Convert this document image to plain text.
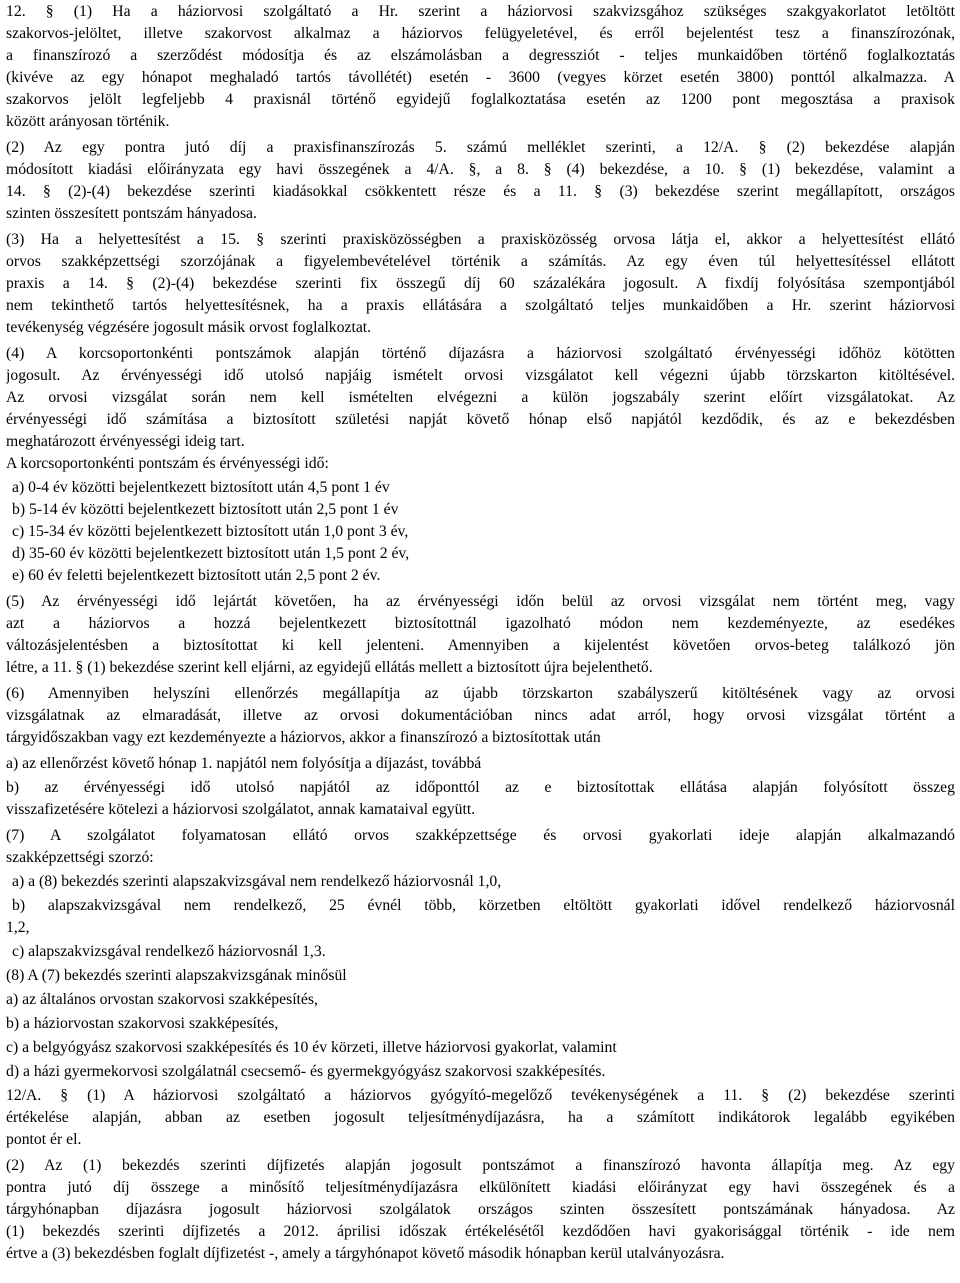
12. § (1) Ha a háziorvosi szolgáltató a Hr. szerint a háziorvosi szakvizsgához szükséges szakgyakorlatot letöltött
szakorvos-jelöltet, illetve szakorvost alkalmaz a háziorvos felügyeletével, és erről bejelentést tesz a finanszírozónak,
a finanszírozó a szerződést módosítja és az elszámolásban a degressziót - teljes munkaidőben történő foglalkoztatás
(kivéve az egy hónapot meghaladó tartós távollétét) esetén - 3600 (vegyes körzet esetén 3800) ponttól alkalmazza. A
szakorvos jelölt legfeljebb 4 praxisnál történő egyidejű foglalkoztatása esetén az 1200 pont megosztása a praxisok
között arányosan történik.
(2) Az egy pontra jutó díj a praxisfinanszírozás 5. számú melléklet szerinti, a 12/A. § (2) bekezdése alapján
módosított kiadási előirányzata egy havi összegének a 4/A. §, a 8. § (4) bekezdése, a 10. § (1) bekezdése, valamint a
14. § (2)-(4) bekezdése szerinti kiadásokkal csökkentett része és a 11. § (3) bekezdése szerint megállapított, országos
szinten összesített pontszám hányadosa.
(3) Ha a helyettesítést a 15. § szerinti praxisközösségben a praxisközösség orvosa látja el, akkor a helyettesítést ellátó
orvos szakképzettségi szorzójának a figyelembevételével történik a számítás. Az egy éven túl helyettesítéssel ellátott
praxis a 14. § (2)-(4) bekezdése szerinti fix összegű díj 60 százalékára jogosult. A fixdíj folyósítása szempontjából
nem tekinthető tartós helyettesítésnek, ha a praxis ellátására a szolgáltató teljes munkaidőben a Hr. szerint háziorvosi
tevékenység végzésére jogosult másik orvost foglalkoztat.
(4) A korcsoportonkénti pontszámok alapján történő díjazásra a háziorvosi szolgáltató érvényességi időhöz kötötten
jogosult. Az érvényességi idő utolsó napjáig ismételt orvosi vizsgálatot kell végezni újabb törzskarton kitöltésével.
Az orvosi vizsgálat során nem kell ismételten elvégezni a külön jogszabály szerint előírt vizsgálatokat. Az
érvényességi idő számítása a biztosított születési napját követő hónap első napjától kezdődik, és az e bekezdésben
meghatározott érvényességi ideig tart.
A korcsoportonkénti pontszám és érvényességi idő:
a) 0-4 év közötti bejelentkezett biztosított után 4,5 pont 1 év
b) 5-14 év közötti bejelentkezett biztosított után 2,5 pont 1 év
c) 15-34 év közötti bejelentkezett biztosított után 1,0 pont 3 év,
d) 35-60 év közötti bejelentkezett biztosított után 1,5 pont 2 év,
e) 60 év feletti bejelentkezett biztosított után 2,5 pont 2 év.
(5) Az érvényességi idő lejártát követően, ha az érvényességi időn belül az orvosi vizsgálat nem történt meg, vagy
azt a háziorvos a hozzá bejelentkezett biztosítottnál igazolható módon nem kezdeményezte, az esedékes
változásjelentésben a biztosítottat ki kell jelenteni. Amennyiben a kijelentést követően orvos-beteg találkozó jön
létre, a 11. § (1) bekezdése szerint kell eljárni, az egyidejű ellátás mellett a biztosított újra bejelenthető.
(6) Amennyiben helyszíni ellenőrzés megállapítja az újabb törzskarton szabályszerű kitöltésének vagy az orvosi
vizsgálatnak az elmaradását, illetve az orvosi dokumentációban nincs adat arról, hogy orvosi vizsgálat történt a
tárgyidőszakban vagy ezt kezdeményezte a háziorvos, akkor a finanszírozó a biztosítottak után
a) az ellenőrzést követő hónap 1. napjától nem folyósítja a díjazást, továbbá
b) az érvényességi idő utolsó napjától az időponttól az e biztosítottak ellátása alapján folyósított összeg
visszafizetésére kötelezi a háziorvosi szolgálatot, annak kamataival együtt.
(7) A szolgálatot folyamatosan ellátó orvos szakképzettsége és orvosi gyakorlati ideje alapján alkalmazandó
szakképzettségi szorzó:
a) a (8) bekezdés szerinti alapszakvizsgával nem rendelkező háziorvosnál 1,0,
b) alapszakvizsgával nem rendelkező, 25 évnél több, körzetben eltöltött gyakorlati idővel rendelkező háziorvosnál
1,2,
c) alapszakvizsgával rendelkező háziorvosnál 1,3.
(8) A (7) bekezdés szerinti alapszakvizsgának minősül
a) az általános orvostan szakorvosi szakképesítés,
b) a háziorvostan szakorvosi szakképesítés,
c) a belgyógyász szakorvosi szakképesítés és 10 év körzeti, illetve háziorvosi gyakorlat, valamint
d) a házi gyermekorvosi szolgálatnál csecsemő- és gyermekgyógyász szakorvosi szakképesítés.
12/A. § (1) A háziorvosi szolgáltató a háziorvos gyógyító-megelőző tevékenységének a 11. § (2) bekezdése szerinti
értékelése alapján, abban az esetben jogosult teljesítménydíjazásra, ha a számított indikátorok legalább egyikében
pontot ér el.
(2) Az (1) bekezdés szerinti díjfizetés alapján jogosult pontszámot a finanszírozó havonta állapítja meg. Az egy
pontra jutó díj összege a minősítő teljesítménydíjazásra elkülönített kiadási előirányzat egy havi összegének és a
tárgyhónapban díjazásra jogosult háziorvosi szolgálatok országos szinten összesített pontszámának hányadosa. Az
(1) bekezdés szerinti díjfizetés a 2012. áprilisi időszak értékelésétől kezdődően havi gyakorisággal történik - ide nem
értve a (3) bekezdésben foglalt díjfizetést -, amely a tárgyhónapot követő második hónapban kerül utalványozásra.
